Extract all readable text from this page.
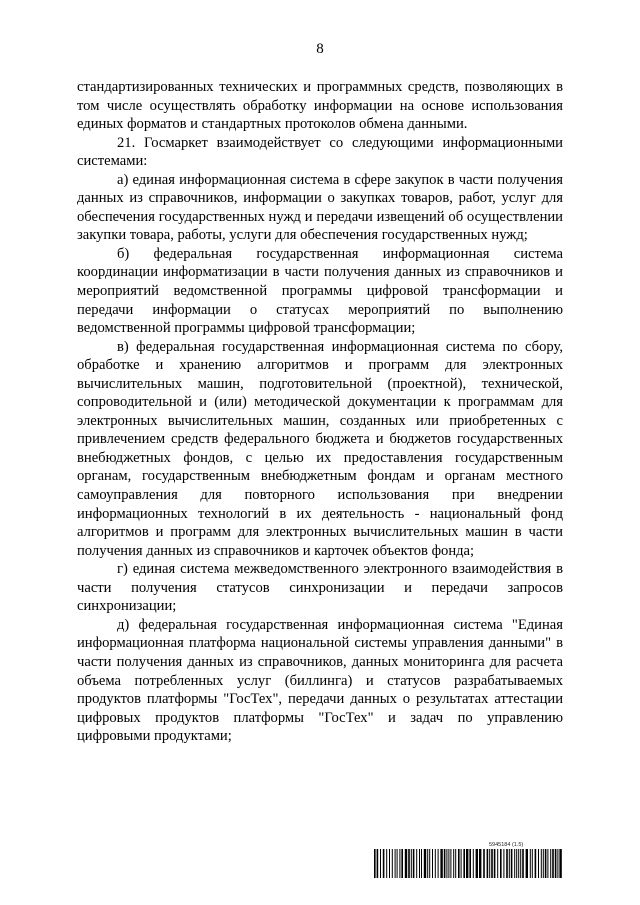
8

стандартизированных технических и программных средств, позволяющих в том числе осуществлять обработку информации на основе использования единых форматов и стандартных протоколов обмена данными.

21. Госмаркет взаимодействует со следующими информационными системами:

а) единая информационная система в сфере закупок в части получения данных из справочников, информации о закупках товаров, работ, услуг для обеспечения государственных нужд и передачи извещений об осуществлении закупки товара, работы, услуги для обеспечения государственных нужд;

б) федеральная государственная информационная система координации информатизации в части получения данных из справочников и мероприятий ведомственной программы цифровой трансформации и передачи информации о статусах мероприятий по выполнению ведомственной программы цифровой трансформации;

в) федеральная государственная информационная система по сбору, обработке и хранению алгоритмов и программ для электронных вычислительных машин, подготовительной (проектной), технической, сопроводительной и (или) методической документации к программам для электронных вычислительных машин, созданных или приобретенных с привлечением средств федерального бюджета и бюджетов государственных внебюджетных фондов, с целью их предоставления государственным органам, государственным внебюджетным фондам и органам местного самоуправления для повторного использования при внедрении информационных технологий в их деятельность - национальный фонд алгоритмов и программ для электронных вычислительных машин в части получения данных из справочников и карточек объектов фонда;

г) единая система межведомственного электронного взаимодействия в части получения статусов синхронизации и передачи запросов синхронизации;

д) федеральная государственная информационная система "Единая информационная платформа национальной системы управления данными" в части получения данных из справочников, данных мониторинга для расчета объема потребленных услуг (биллинга) и статусов разрабатываемых продуктов платформы "ГосТех", передачи данных о результатах аттестации цифровых продуктов платформы "ГосТех" и задач по управлению цифровыми продуктами;

5945184 (1.5)
